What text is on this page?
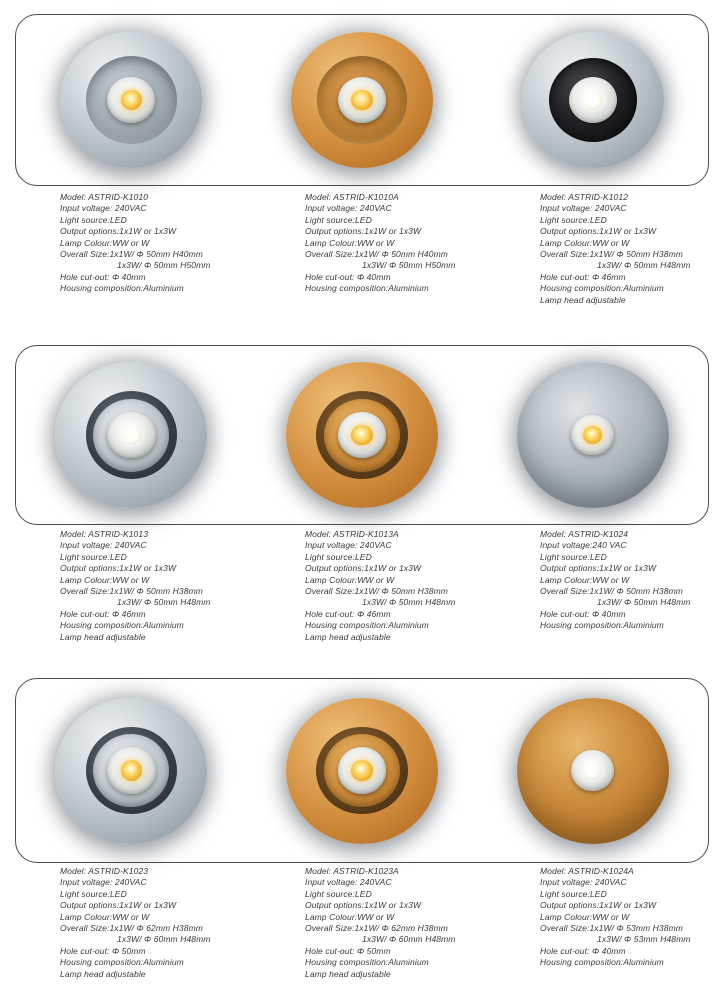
Model: ASTRID-K1010
Input voltage: 240VAC
Light source:LED
Output options:1x1W or 1x3W
Lamp Colour:WW or W
Overall Size:1x1W/ Φ 50mm H40mm
1x3W/ Φ 50mm H50mm
Hole cut-out: Φ 40mm
Housing composition:Aluminium
Model: ASTRID-K1010A
Input voltage: 240VAC
Light source:LED
Output options:1x1W or 1x3W
Lamp Colour:WW or W
Overall Size:1x1W/ Φ 50mm H40mm
1x3W/ Φ 50mm H50mm
Hole cut-out: Φ 40mm
Housing composition:Aluminium
Model: ASTRID-K1012
Input voltage: 240VAC
Light source:LED
Output options:1x1W or 1x3W
Lamp Colour:WW or W
Overall Size:1x1W/ Φ 50mm H38mm
1x3W/ Φ 50mm H48mm
Hole cut-out: Φ 46mm
Housing composition:Aluminium
Lamp head adjustable
Model: ASTRID-K1013
Input voltage: 240VAC
Light source:LED
Output options:1x1W or 1x3W
Lamp Colour:WW or W
Overall Size:1x1W/ Φ 50mm H38mm
1x3W/ Φ 50mm H48mm
Hole cut-out: Φ 46mm
Housing composition:Aluminium
Lamp head adjustable
Model: ASTRID-K1013A
Input voltage: 240VAC
Light source:LED
Output options:1x1W or 1x3W
Lamp Colour:WW or W
Overall Size:1x1W/ Φ 50mm H38mm
1x3W/ Φ 50mm H48mm
Hole cut-out: Φ 46mm
Housing composition:Aluminium
Lamp head adjustable
Model: ASTRID-K1024
Input voltage:240 VAC
Light source:LED
Output options:1x1W or 1x3W
Lamp Colour:WW or W
Overall Size:1x1W/ Φ 50mm H38mm
1x3W/ Φ 50mm H48mm
Hole cut-out: Φ 40mm
Housing composition:Aluminium
Model: ASTRID-K1023
Input voltage: 240VAC
Light source:LED
Output options:1x1W or 1x3W
Lamp Colour:WW or W
Overall Size:1x1W/ Φ 62mm H38mm
1x3W/ Φ 60mm H48mm
Hole cut-out: Φ 50mm
Housing composition:Aluminium
Lamp head adjustable
Model: ASTRID-K1023A
Input voltage: 240VAC
Light source:LED
Output options:1x1W or 1x3W
Lamp Colour:WW or W
Overall Size:1x1W/ Φ 62mm H38mm
1x3W/ Φ 60mm H48mm
Hole cut-out: Φ 50mm
Housing composition:Aluminium
Lamp head adjustable
Model: ASTRID-K1024A
Input voltage: 240VAC
Light source:LED
Output options:1x1W or 1x3W
Lamp Colour:WW or W
Overall Size:1x1W/ Φ 53mm H38mm
1x3W/ Φ 53mm H48mm
Hole cut-out: Φ 40mm
Housing composition:Aluminium
